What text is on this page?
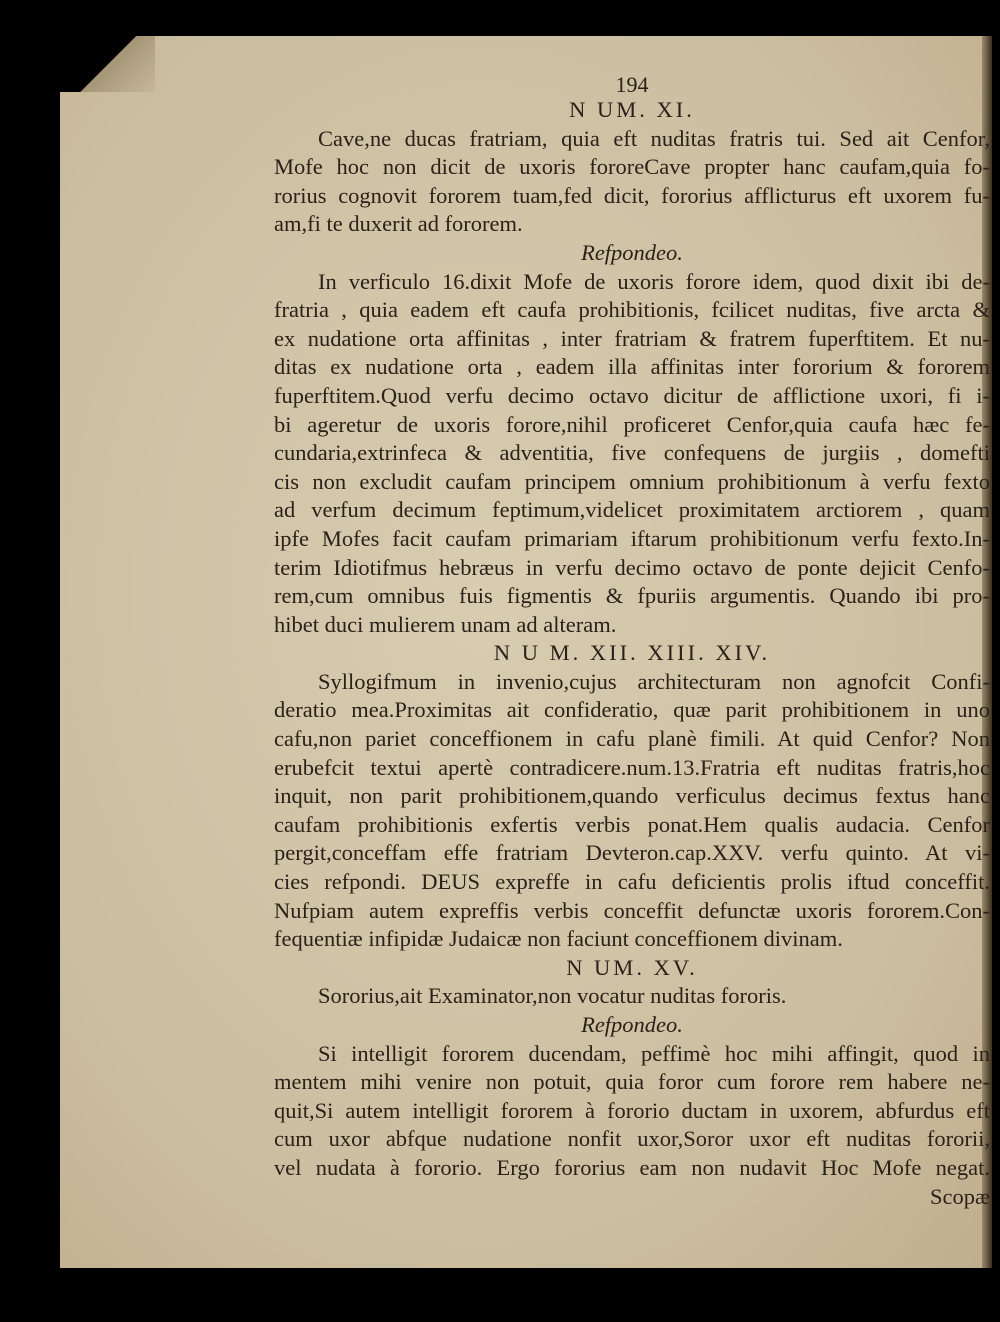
194
N UM. XI.
Cave,ne ducas fratriam, quia eft nuditas fratris tui. Sed ait Cenfor,
Mofe hoc non dicit de uxoris fororeCave propter hanc caufam,quia fo-
rorius cognovit fororem tuam,fed dicit, fororius afflicturus eft uxorem fu-
am,fi te duxerit ad fororem.
Refpondeo.
In verficulo 16.dixit Mofe de uxoris forore idem, quod dixit ibi de-
fratria , quia eadem eft caufa prohibitionis, fcilicet nuditas, five arcta &
ex nudatione orta affinitas , inter fratriam & fratrem fuperftitem. Et nu-
ditas ex nudatione orta , eadem illa affinitas inter fororium & fororem
fuperftitem.Quod verfu decimo octavo dicitur de afflictione uxori, fi i-
bi ageretur de uxoris forore,nihil proficeret Cenfor,quia caufa hæc fe-
cundaria,extrinfeca & adventitia, five confequens de jurgiis , domefti
cis non excludit caufam principem omnium prohibitionum à verfu fexto
ad verfum decimum feptimum,videlicet proximitatem arctiorem , quam
ipfe Mofes facit caufam primariam iftarum prohibitionum verfu fexto.In-
terim Idiotifmus hebræus in verfu decimo octavo de ponte dejicit Cenfo-
rem,cum omnibus fuis figmentis & fpuriis argumentis. Quando ibi pro-
hibet duci mulierem unam ad alteram.
N U M. XII. XIII. XIV.
Syllogifmum in invenio,cujus architecturam non agnofcit Confi-
deratio mea.Proximitas ait confideratio, quæ parit prohibitionem in uno
cafu,non pariet conceffionem in cafu planè fimili. At quid Cenfor? Non
erubefcit textui apertè contradicere.num.13.Fratria eft nuditas fratris,hoc
inquit, non parit prohibitionem,quando verficulus decimus fextus hanc
caufam prohibitionis exfertis verbis ponat.Hem qualis audacia. Cenfor
pergit,conceffam effe fratriam Devteron.cap.XXV. verfu quinto. At vi-
cies refpondi. DEUS expreffe in cafu deficientis prolis iftud conceffit.
Nufpiam autem expreffis verbis conceffit defunctæ uxoris fororem.Con-
fequentiæ infipidæ Judaicæ non faciunt conceffionem divinam.
N UM. XV.
Sororius,ait Examinator,non vocatur nuditas fororis.
Refpondeo.
Si intelligit fororem ducendam, peffimè hoc mihi affingit, quod in
mentem mihi venire non potuit, quia foror cum forore rem habere ne-
quit,Si autem intelligit fororem à fororio ductam in uxorem, abfurdus eft
cum uxor abfque nudatione nonfit uxor,Soror uxor eft nuditas fororii,
vel nudata à fororio. Ergo fororius eam non nudavit Hoc Mofe negat.
Scopæ
